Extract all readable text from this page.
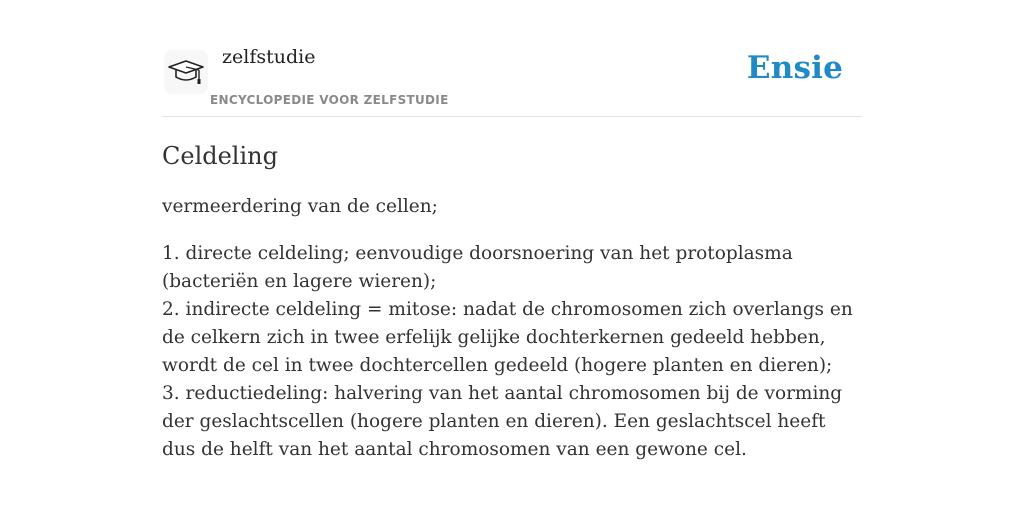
zelfstudie
ENCYCLOPEDIE VOOR ZELFSTUDIE
Ensie
Celdeling

vermeerdering van de cellen;

1. directe celdeling; eenvoudige doorsnoering van het protoplasma (bacteriën en lagere wieren);

2. indirecte celdeling = mitose: nadat de chromosomen zich overlangs en de celkern zich in twee erfelijk gelijke dochterkernen gedeeld hebben, wordt de cel in twee dochtercellen gedeeld (hogere planten en dieren);

3. reductiedeling: halvering van het aantal chromosomen bij de vorming der geslachtscellen (hogere planten en dieren). Een geslachtscel heeft dus de helft van het aantal chromosomen van een gewone cel.
